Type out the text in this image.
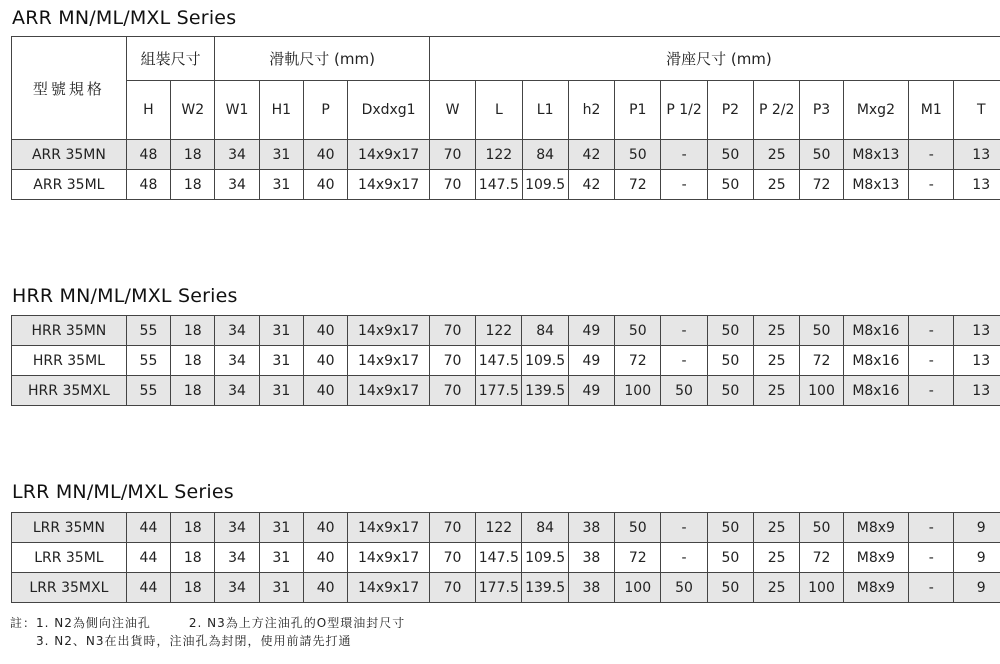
ARR MN/ML/MXL Series
型號規格	組裝尺寸		滑軌尺寸 (mm)				滑座尺寸 (mm)											
	H	W2	W1	H1	P	Dxdxg1	W	L	L1	h2	P1	P 1/2	P2	P 2/2	P3	Mxg2	M1	T
ARR 35MN	48	18	34	31	40	14x9x17	70	122	84	42	50	-	50	25	50	M8x13	-	13
ARR 35ML	48	18	34	31	40	14x9x17	70	147.5	109.5	42	72	-	50	25	72	M8x13	-	13
HRR MN/ML/MXL Series
HRR 35MN	55	18	34	31	40	14x9x17	70	122	84	49	50	-	50	25	50	M8x16	-	13
HRR 35ML	55	18	34	31	40	14x9x17	70	147.5	109.5	49	72	-	50	25	72	M8x16	-	13
HRR 35MXL	55	18	34	31	40	14x9x17	70	177.5	139.5	49	100	50	50	25	100	M8x16	-	13
LRR MN/ML/MXL Series
LRR 35MN	44	18	34	31	40	14x9x17	70	122	84	38	50	-	50	25	50	M8x9	-	9
LRR 35ML	44	18	34	31	40	14x9x17	70	147.5	109.5	38	72	-	50	25	72	M8x9	-	9
LRR 35MXL	44	18	34	31	40	14x9x17	70	177.5	139.5	38	100	50	50	25	100	M8x9	-	9
註：1. N2為側向注油孔	2. N3為上方注油孔的O型環油封尺寸
3. N2、N3在出貨時，注油孔為封閉，使用前請先打通
